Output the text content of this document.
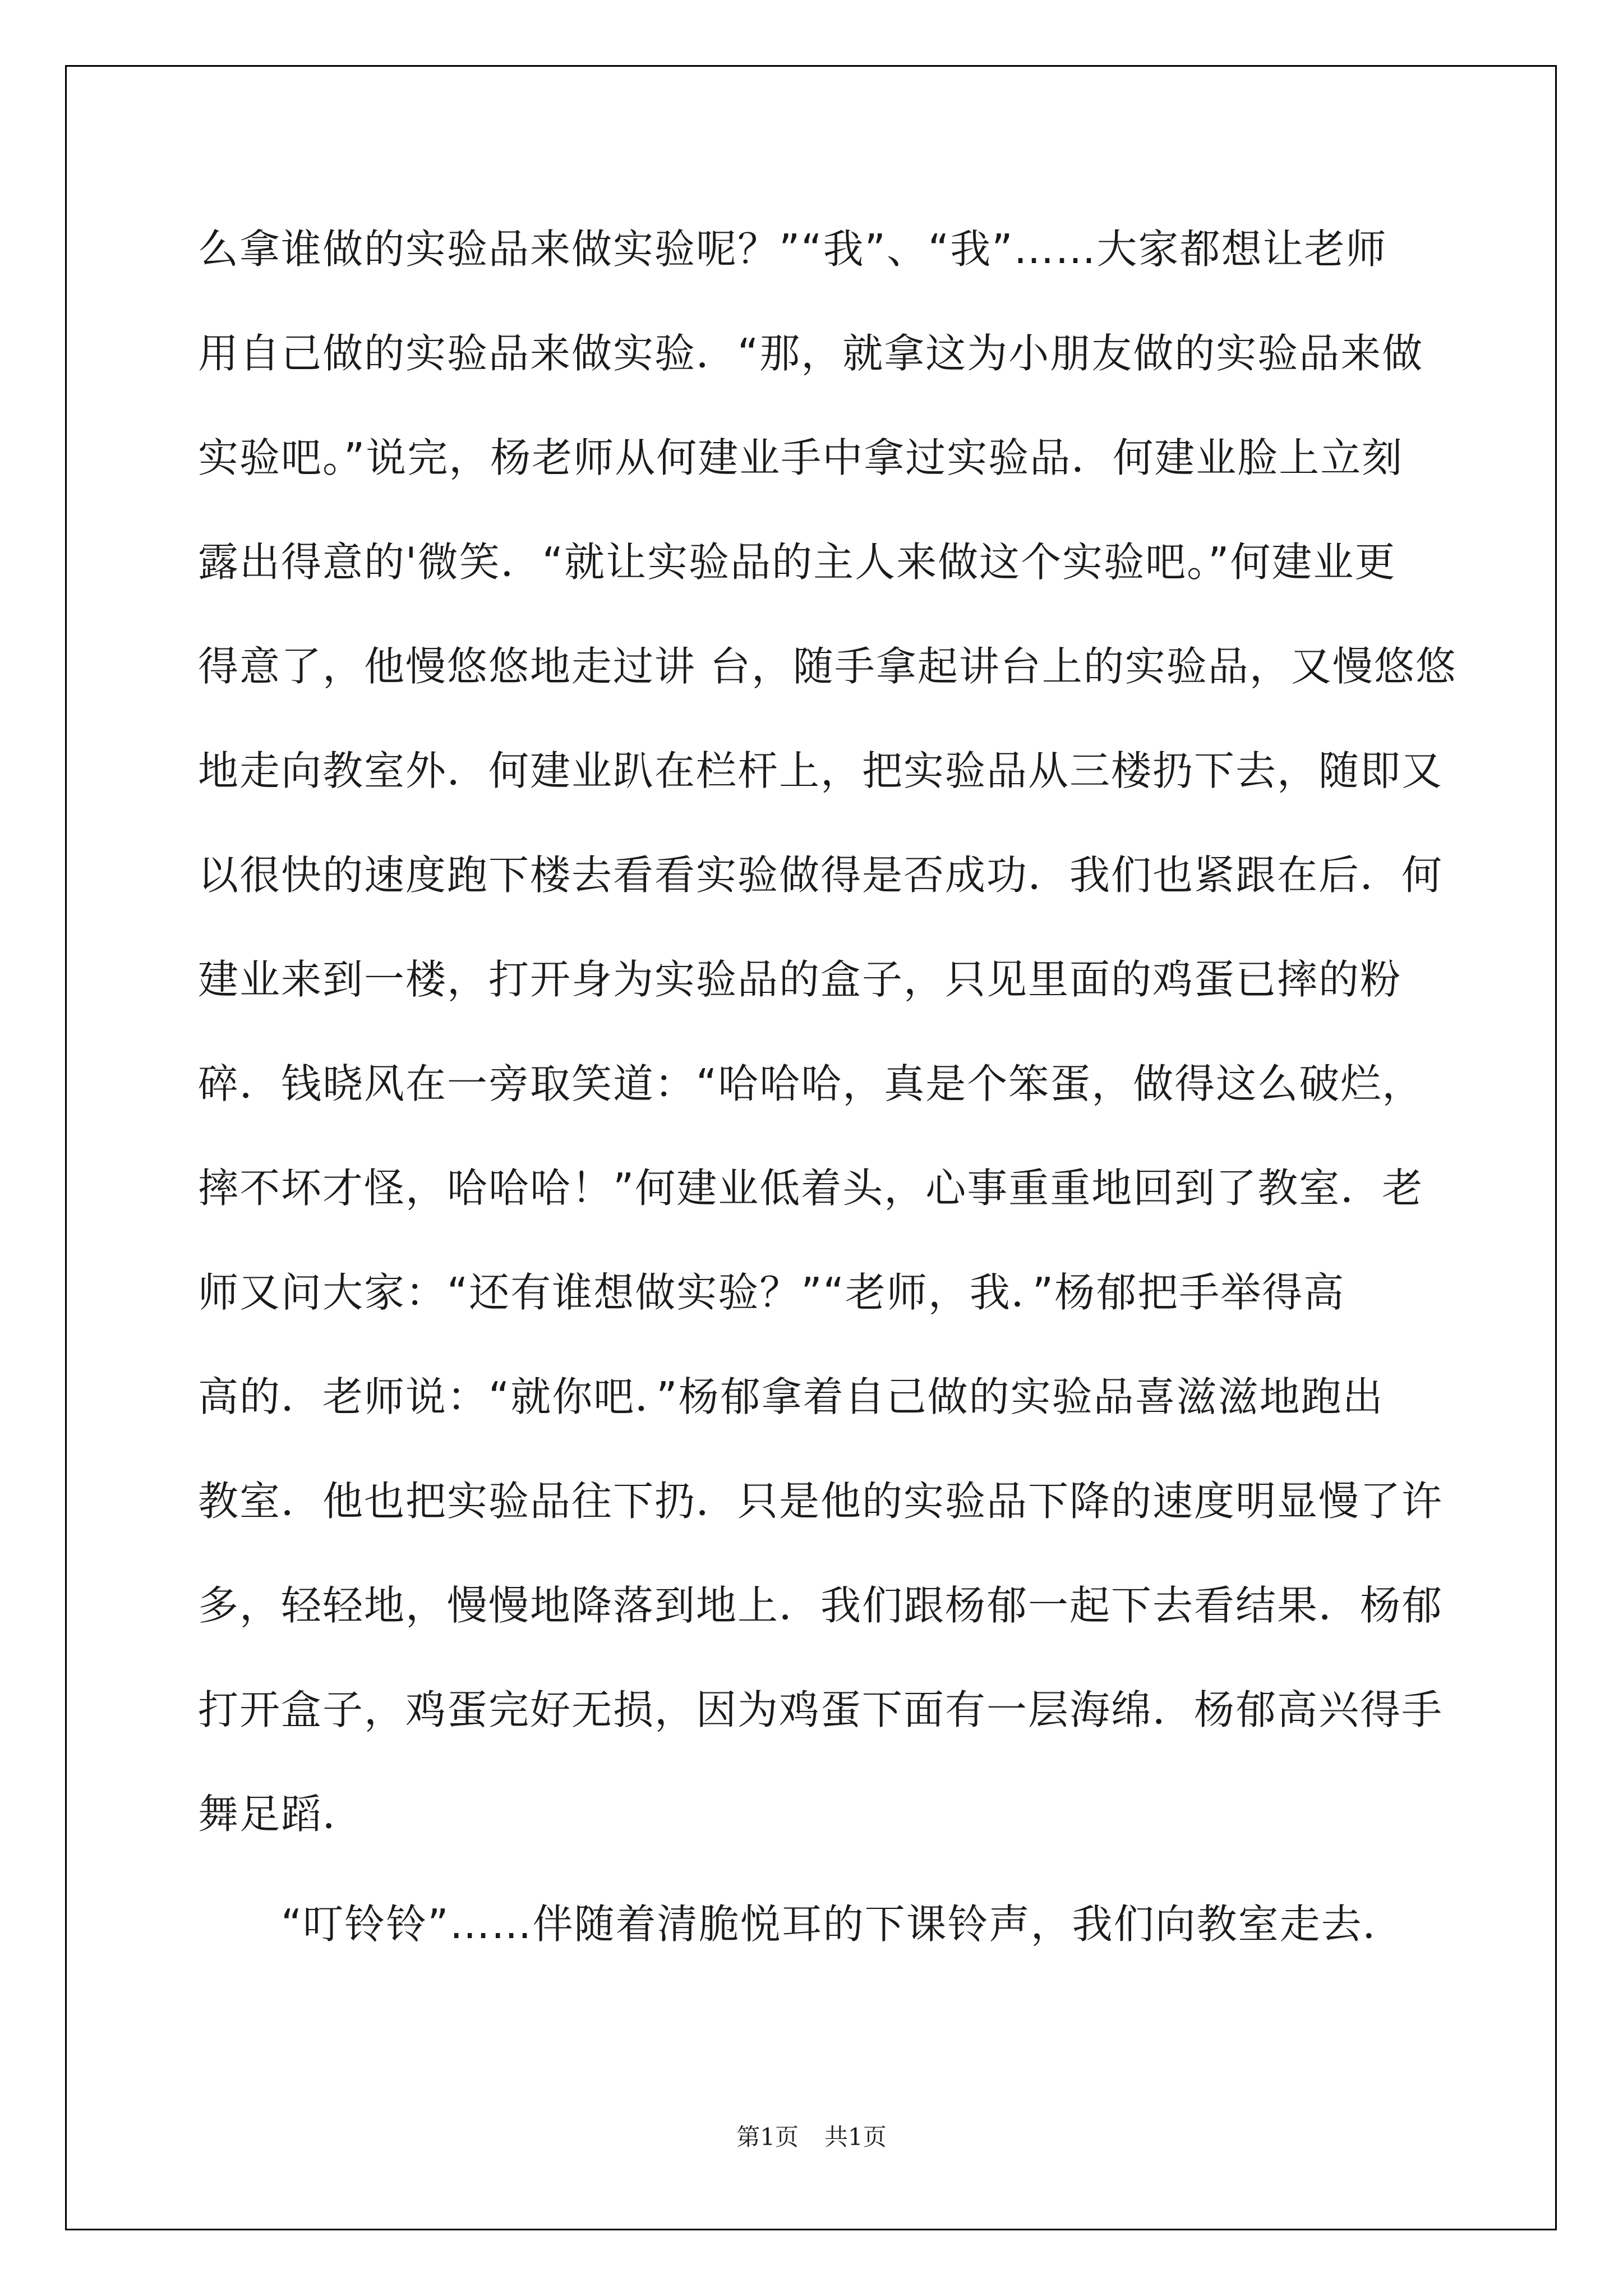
么拿谁做的实验品来做实验呢？”“我”、“我”……大家都想让老师
用自己做的实验品来做实验．“那，就拿这为小朋友做的实验品来做
实验吧。”说完，杨老师从何建业手中拿过实验品．何建业脸上立刻
露出得意的'微笑．“就让实验品的主人来做这个实验吧。”何建业更
得意了，他慢悠悠地走过讲 台，随手拿起讲台上的实验品，又慢悠悠
地走向教室外．何建业趴在栏杆上，把实验品从三楼扔下去，随即又
以很快的速度跑下楼去看看实验做得是否成功．我们也紧跟在后．何
建业来到一楼，打开身为实验品的盒子，只见里面的鸡蛋已摔的粉
碎．钱晓风在一旁取笑道：“哈哈哈，真是个笨蛋，做得这么破烂，
摔不坏才怪，哈哈哈！”何建业低着头，心事重重地回到了教室．老
师又问大家：“还有谁想做实验？”“老师，我．”杨郁把手举得高
高的．老师说：“就你吧．”杨郁拿着自己做的实验品喜滋滋地跑出
教室．他也把实验品往下扔．只是他的实验品下降的速度明显慢了许
多，轻轻地，慢慢地降落到地上．我们跟杨郁一起下去看结果．杨郁
打开盒子，鸡蛋完好无损，因为鸡蛋下面有一层海绵．杨郁高兴得手
舞足蹈．
　　“叮铃铃”……伴随着清脆悦耳的下课铃声，我们向教室走去．
第1页 共1页
